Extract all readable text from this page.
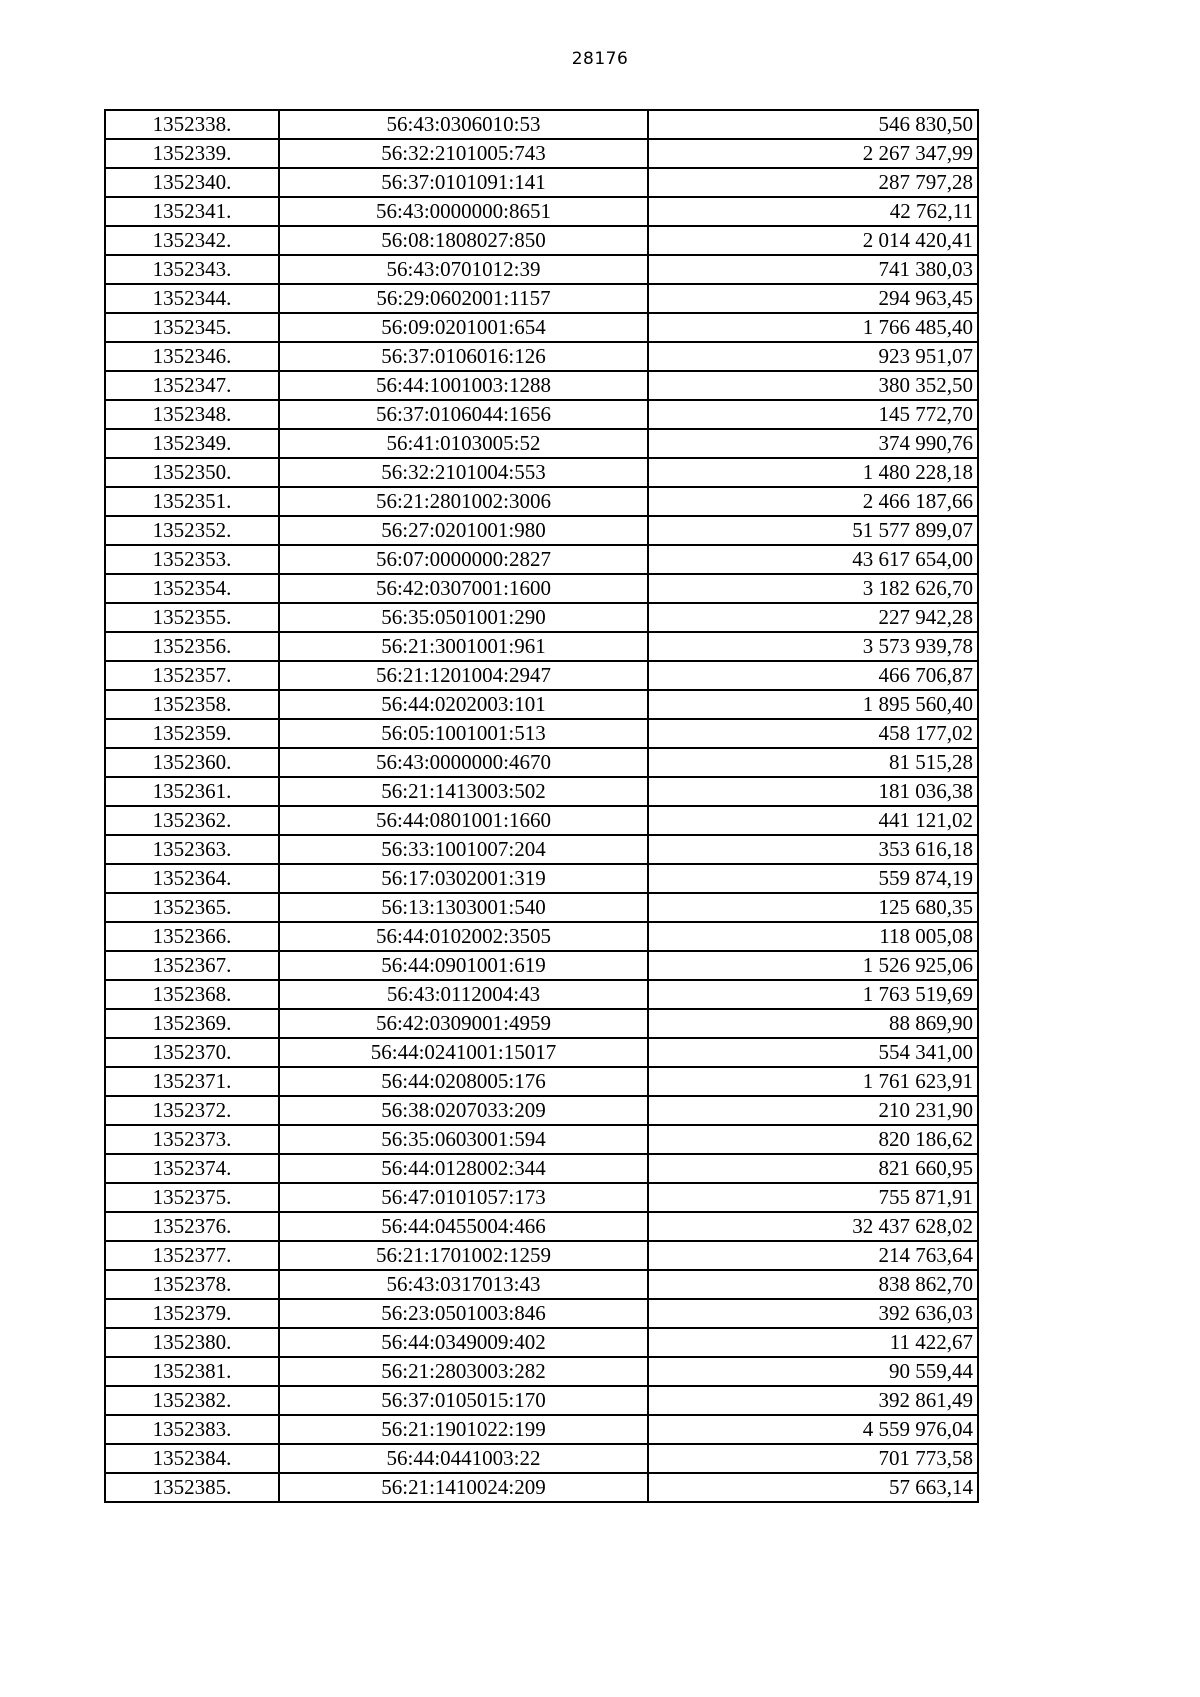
28176
1352338.	56:43:0306010:53	546 830,50
1352339.	56:32:2101005:743	2 267 347,99
1352340.	56:37:0101091:141	287 797,28
1352341.	56:43:0000000:8651	42 762,11
1352342.	56:08:1808027:850	2 014 420,41
1352343.	56:43:0701012:39	741 380,03
1352344.	56:29:0602001:1157	294 963,45
1352345.	56:09:0201001:654	1 766 485,40
1352346.	56:37:0106016:126	923 951,07
1352347.	56:44:1001003:1288	380 352,50
1352348.	56:37:0106044:1656	145 772,70
1352349.	56:41:0103005:52	374 990,76
1352350.	56:32:2101004:553	1 480 228,18
1352351.	56:21:2801002:3006	2 466 187,66
1352352.	56:27:0201001:980	51 577 899,07
1352353.	56:07:0000000:2827	43 617 654,00
1352354.	56:42:0307001:1600	3 182 626,70
1352355.	56:35:0501001:290	227 942,28
1352356.	56:21:3001001:961	3 573 939,78
1352357.	56:21:1201004:2947	466 706,87
1352358.	56:44:0202003:101	1 895 560,40
1352359.	56:05:1001001:513	458 177,02
1352360.	56:43:0000000:4670	81 515,28
1352361.	56:21:1413003:502	181 036,38
1352362.	56:44:0801001:1660	441 121,02
1352363.	56:33:1001007:204	353 616,18
1352364.	56:17:0302001:319	559 874,19
1352365.	56:13:1303001:540	125 680,35
1352366.	56:44:0102002:3505	118 005,08
1352367.	56:44:0901001:619	1 526 925,06
1352368.	56:43:0112004:43	1 763 519,69
1352369.	56:42:0309001:4959	88 869,90
1352370.	56:44:0241001:15017	554 341,00
1352371.	56:44:0208005:176	1 761 623,91
1352372.	56:38:0207033:209	210 231,90
1352373.	56:35:0603001:594	820 186,62
1352374.	56:44:0128002:344	821 660,95
1352375.	56:47:0101057:173	755 871,91
1352376.	56:44:0455004:466	32 437 628,02
1352377.	56:21:1701002:1259	214 763,64
1352378.	56:43:0317013:43	838 862,70
1352379.	56:23:0501003:846	392 636,03
1352380.	56:44:0349009:402	11 422,67
1352381.	56:21:2803003:282	90 559,44
1352382.	56:37:0105015:170	392 861,49
1352383.	56:21:1901022:199	4 559 976,04
1352384.	56:44:0441003:22	701 773,58
1352385.	56:21:1410024:209	57 663,14
